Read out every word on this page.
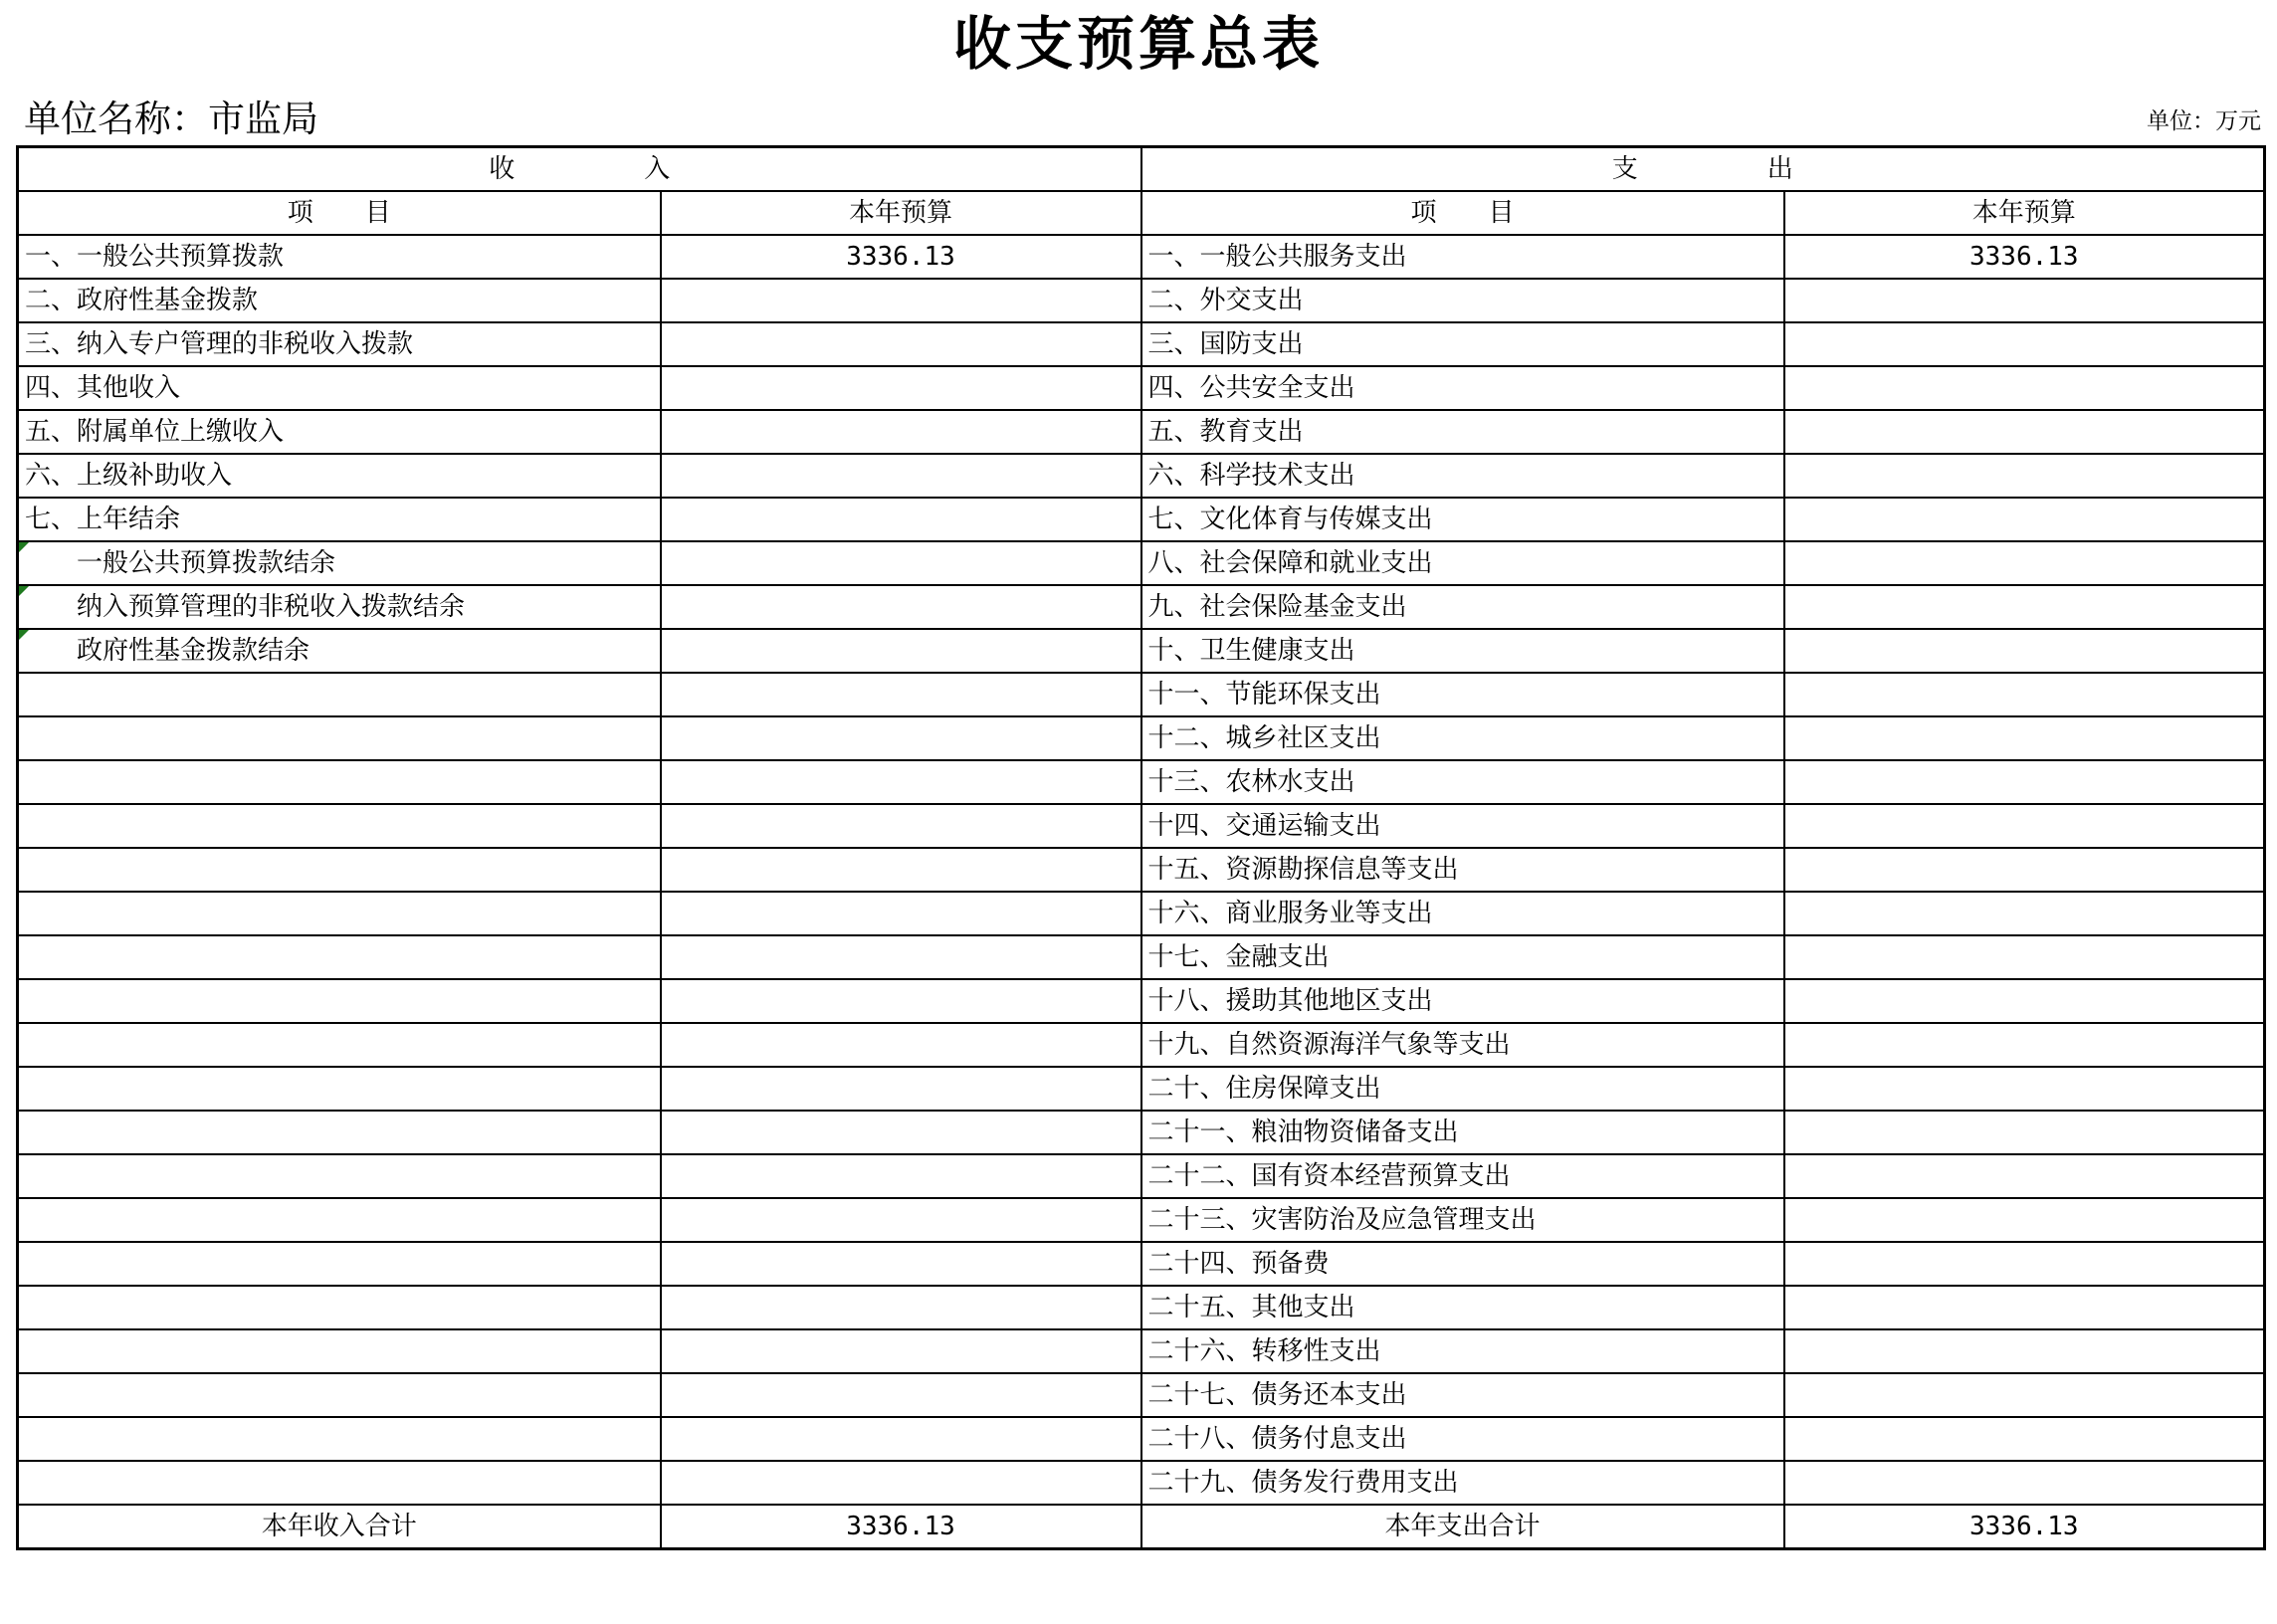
收支预算总表
单位名称：市监局	单位：万元
收　　　　　入		支　　　　　出	
项　　目	本年预算	项　　目	本年预算
一、一般公共预算拨款	3336.13	一、一般公共服务支出	3336.13
二、政府性基金拨款		二、外交支出	
三、纳入专户管理的非税收入拨款		三、国防支出	
四、其他收入		四、公共安全支出	
五、附属单位上缴收入		五、教育支出	
六、上级补助收入		六、科学技术支出	
七、上年结余		七、文化体育与传媒支出	
一般公共预算拨款结余		八、社会保障和就业支出	
纳入预算管理的非税收入拨款结余		九、社会保险基金支出	
政府性基金拨款结余		十、卫生健康支出	
		十一、节能环保支出	
		十二、城乡社区支出	
		十三、农林水支出	
		十四、交通运输支出	
		十五、资源勘探信息等支出	
		十六、商业服务业等支出	
		十七、金融支出	
		十八、援助其他地区支出	
		十九、自然资源海洋气象等支出	
		二十、住房保障支出	
		二十一、粮油物资储备支出	
		二十二、国有资本经营预算支出	
		二十三、灾害防治及应急管理支出	
		二十四、预备费	
		二十五、其他支出	
		二十六、转移性支出	
		二十七、债务还本支出	
		二十八、债务付息支出	
		二十九、债务发行费用支出	
本年收入合计	3336.13	本年支出合计	3336.13
